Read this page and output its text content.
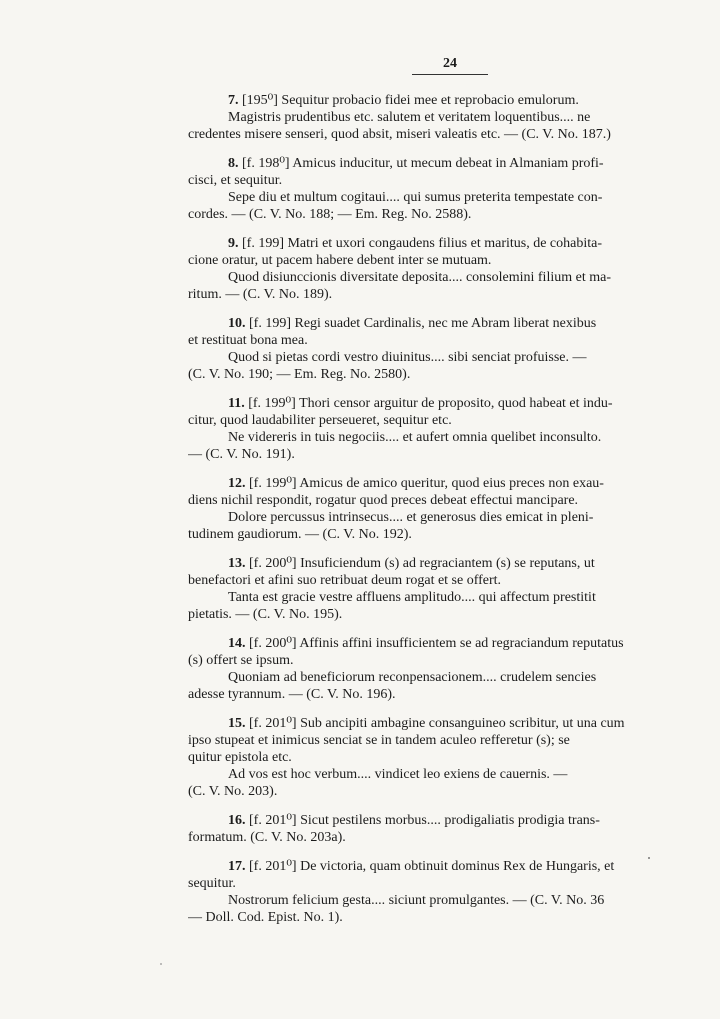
24
7. [195⁰] Sequitur probacio fidei mee et reprobacio emulorum.
Magistris prudentibus etc. salutem et veritatem loquentibus.... ne
credentes misere senseri, quod absit, miseri valeatis etc. — (C. V. No. 187.)
8. [f. 198⁰] Amicus inducitur, ut mecum debeat in Almaniam profi-
cisci, et sequitur.
Sepe diu et multum cogitaui.... qui sumus preterita tempestate con-
cordes. — (C. V. No. 188; — Em. Reg. No. 2588).
9. [f. 199] Matri et uxori congaudens filius et maritus, de cohabita-
cione oratur, ut pacem habere debent inter se mutuam.
Quod disiunccionis diversitate deposita.... consolemini filium et ma-
ritum. — (C. V. No. 189).
10. [f. 199] Regi suadet Cardinalis, nec me Abram liberat nexibus
et restituat bona mea.
Quod si pietas cordi vestro diuinitus.... sibi senciat profuisse. —
(C. V. No. 190; — Em. Reg. No. 2580).
11. [f. 199⁰] Thori censor arguitur de proposito, quod habeat et indu-
citur, quod laudabiliter perseueret, sequitur etc.
Ne videreris in tuis negociis.... et aufert omnia quelibet inconsulto.
— (C. V. No. 191).
12. [f. 199⁰] Amicus de amico queritur, quod eius preces non exau-
diens nichil respondit, rogatur quod preces debeat effectui mancipare.
Dolore percussus intrinsecus.... et generosus dies emicat in pleni-
tudinem gaudiorum. — (C. V. No. 192).
13. [f. 200⁰] Insuficiendum (s) ad regraciantem (s) se reputans, ut
benefactori et afini suo retribuat deum rogat et se offert.
Tanta est gracie vestre affluens amplitudo.... qui affectum prestitit
pietatis. — (C. V. No. 195).
14. [f. 200⁰] Affinis affini insufficientem se ad regraciandum reputatus
(s) offert se ipsum.
Quoniam ad beneficiorum reconpensacionem.... crudelem sencies
adesse tyrannum. — (C. V. No. 196).
15. [f. 201⁰] Sub ancipiti ambagine consanguineo scribitur, ut una cum
ipso stupeat et inimicus senciat se in tandem aculeo refferetur (s); se
quitur epistola etc.
Ad vos est hoc verbum.... vindicet leo exiens de cauernis. —
(C. V. No. 203).
16. [f. 201⁰] Sicut pestilens morbus.... prodigaliatis prodigia trans-
formatum. (C. V. No. 203a).
17. [f. 201⁰] De victoria, quam obtinuit dominus Rex de Hungaris, et
sequitur.
Nostrorum felicium gesta.... siciunt promulgantes. — (C. V. No. 36
— Doll. Cod. Epist. No. 1).
